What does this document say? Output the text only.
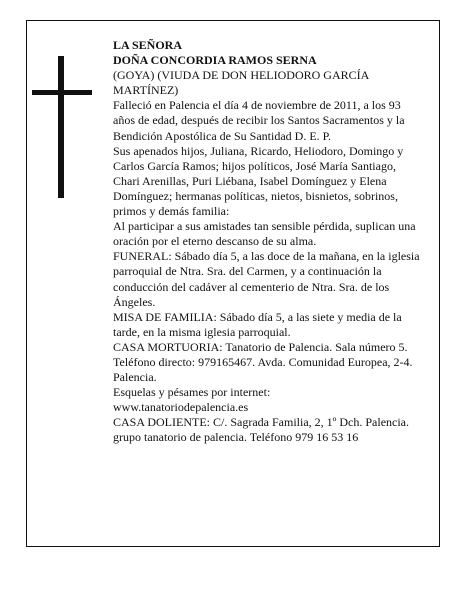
LA SEÑORA

DOÑA CONCORDIA RAMOS SERNA

(GOYA) (VIUDA DE DON HELIODORO GARCÍA MARTÍNEZ)

Falleció en Palencia el día 4 de noviembre de 2011, a los 93 años de edad, después de recibir los Santos Sacramentos y la Bendición Apostólica de Su Santidad D. E. P.

Sus apenados hijos, Juliana, Ricardo, Heliodoro, Domingo y Carlos García Ramos; hijos políticos, José María Santiago, Chari Arenillas, Puri Liébana, Isabel Domínguez y Elena Domínguez; hermanas políticas, nietos, bisnietos, sobrinos, primos y demás familia:

Al participar a sus amistades tan sensible pérdida, suplican una oración por el eterno descanso de su alma.

FUNERAL: Sábado día 5, a las doce de la mañana, en la iglesia parroquial de Ntra. Sra. del Carmen, y a continuación la conducción del cadáver al cementerio de Ntra. Sra. de los Ángeles.

MISA DE FAMILIA: Sábado día 5, a las siete y media de la tarde, en la misma iglesia parroquial.

CASA MORTUORIA: Tanatorio de Palencia. Sala número 5. Teléfono directo: 979165467. Avda. Comunidad Europea, 2-4. Palencia.

Esquelas y pésames por internet:

www.tanatoriodepalencia.es

CASA DOLIENTE: C/. Sagrada Familia, 2, 1º Dch. Palencia.

grupo tanatorio de palencia. Teléfono 979 16 53 16
